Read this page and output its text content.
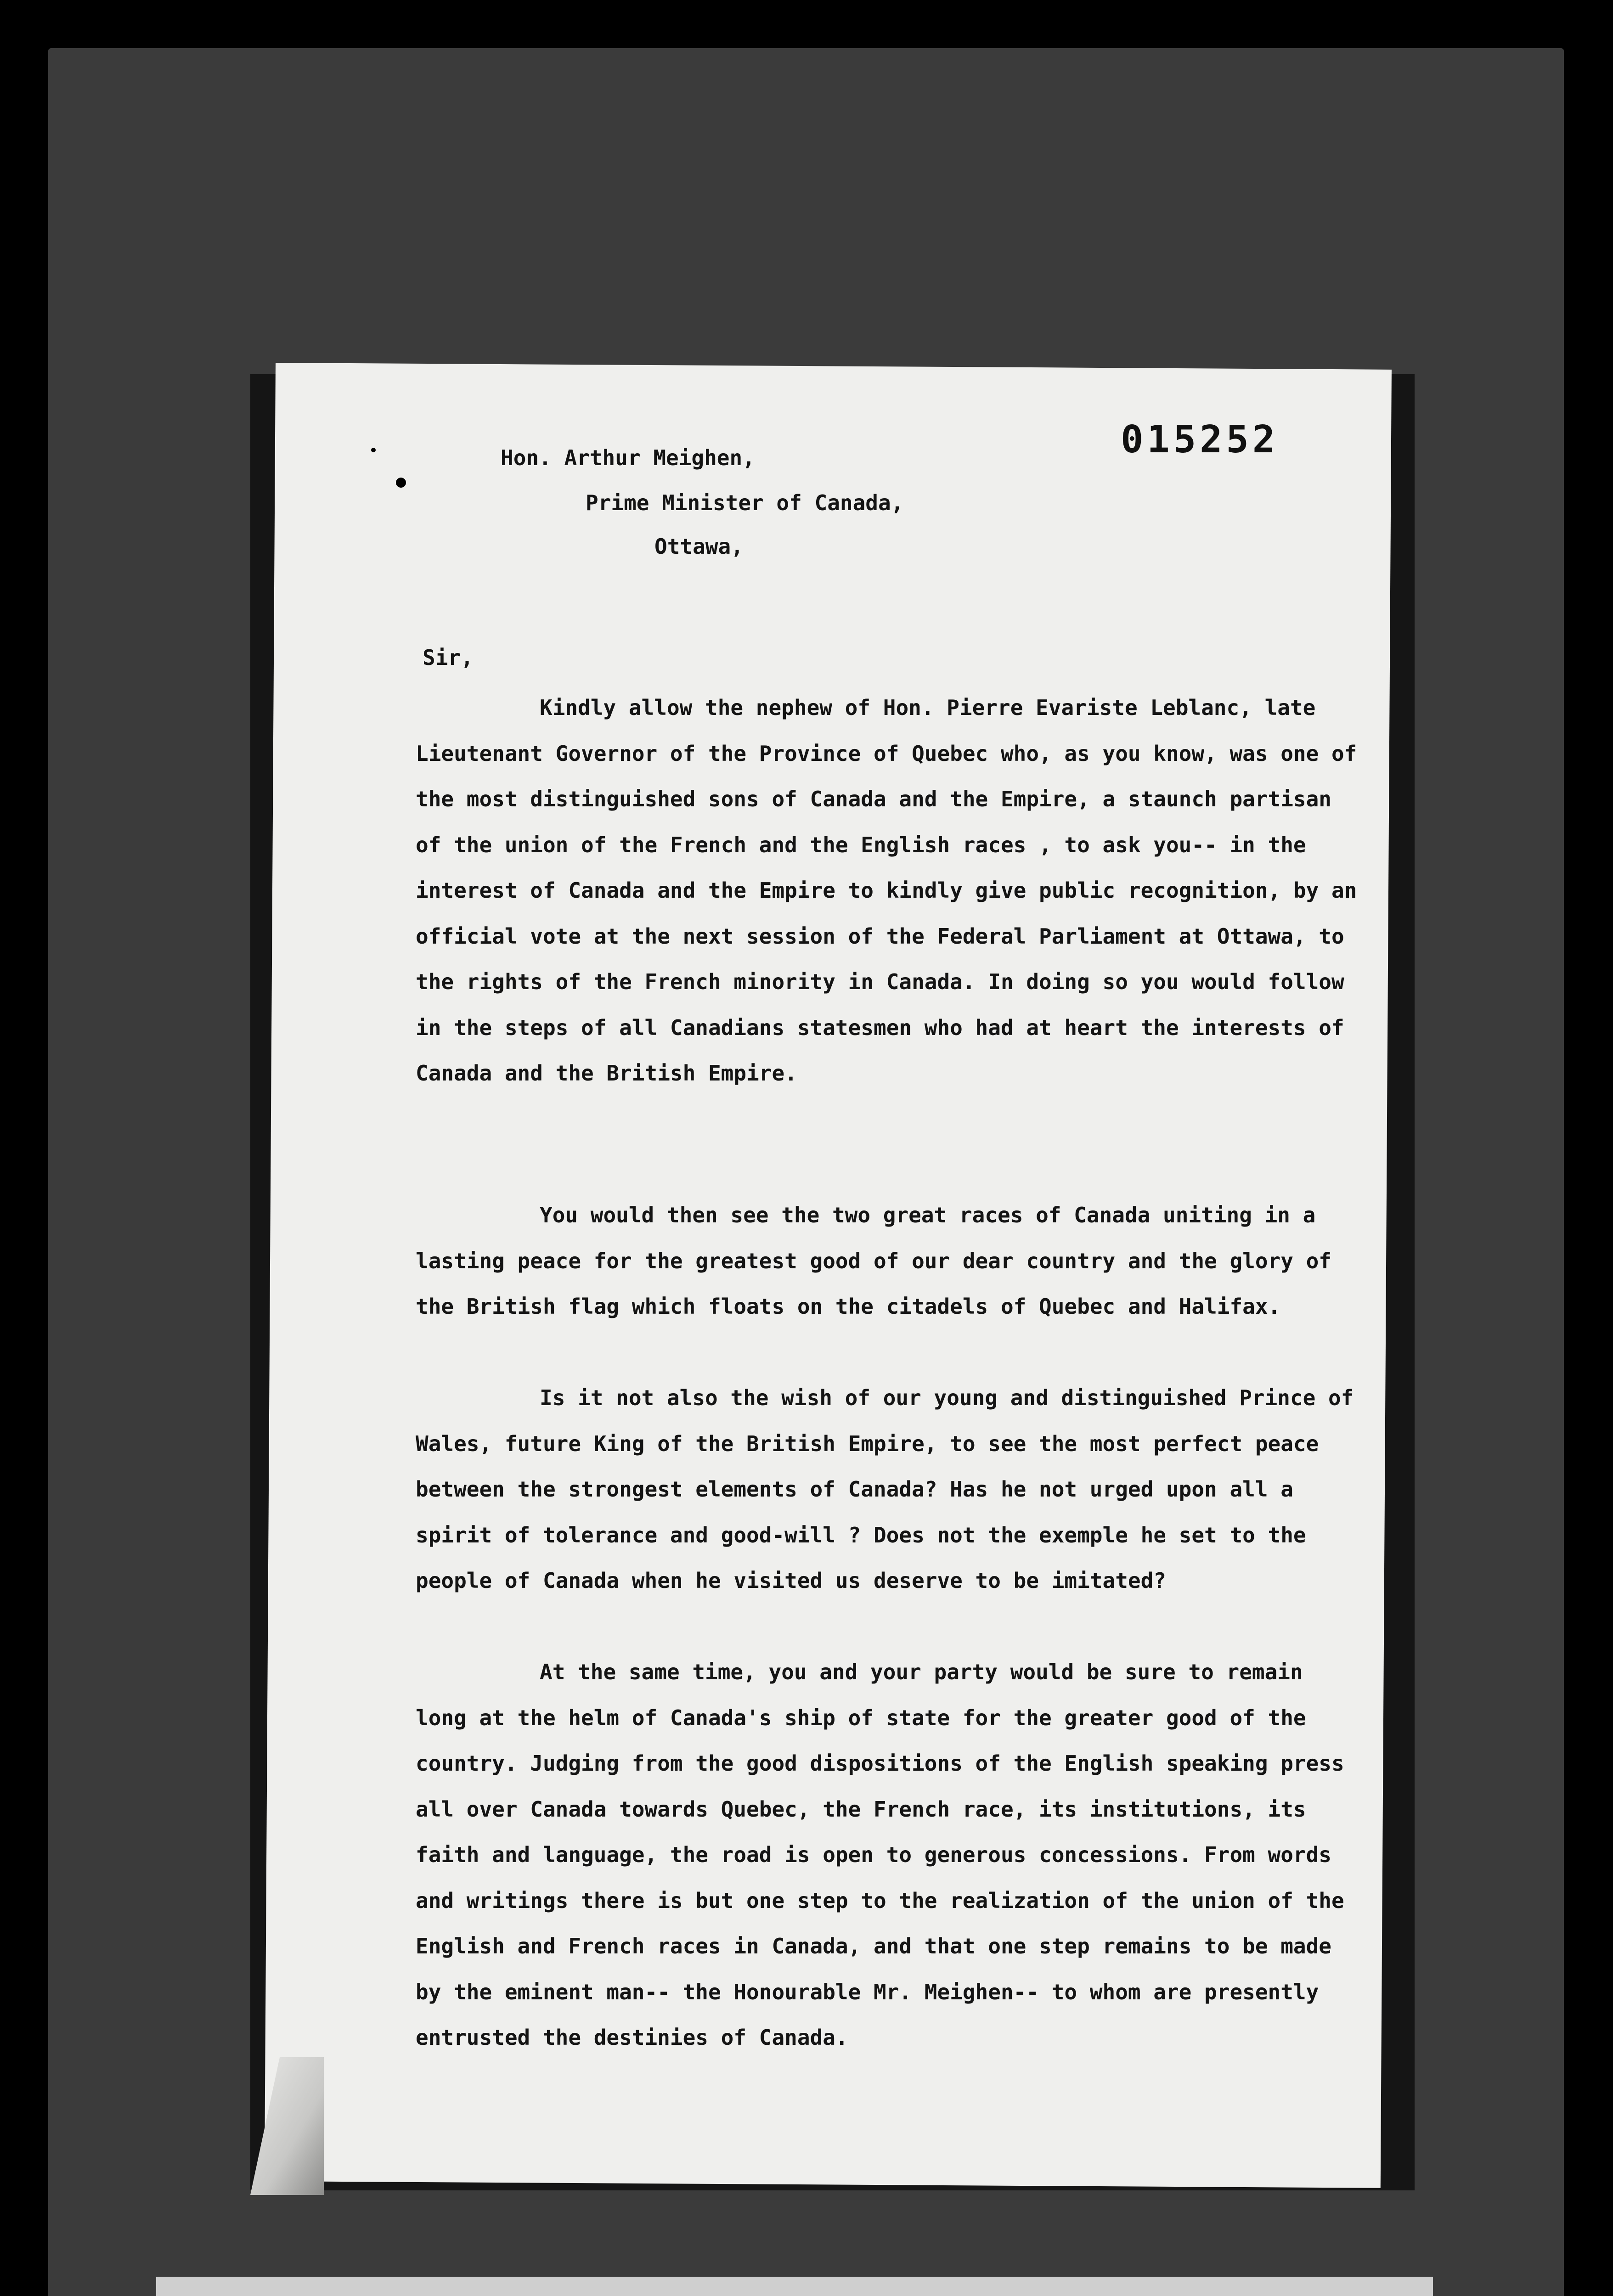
015252
Hon. Arthur Meighen,
Prime Minister of Canada,
Ottawa,
Sir,
Kindly allow the nephew of Hon. Pierre Evariste Leblanc, late Lieutenant Governor of the Province of Quebec who, as you know, was one of the most distinguished sons of Canada and the Empire, a staunch partisan of the union of the French and the English races , to ask you-- in the interest of Canada and the Empire to kindly give public recognition, by an official vote at the next session of the Federal Parliament at Ottawa, to the rights of the French minority in Canada. In doing so you would follow in the steps of all Canadians statesmen who had at heart the interests of Canada and the British Empire.
You would then see the two great races of Canada uniting in a lasting peace for the greatest good of our dear country and the glory of the British flag which floats on the citadels of Quebec and Halifax.
Is it not also the wish of our young and distinguished Prince of Wales, future King of the British Empire, to see the most perfect peace between the strongest elements of Canada? Has he not urged upon all a spirit of tolerance and good-will ? Does not the exemple he set to the people of Canada when he visited us deserve to be imitated?
At the same time, you and your party would be sure to remain long at the helm of Canada's ship of state for the greater good of the country. Judging from the good dispositions of the English speaking press all over Canada towards Quebec, the French race, its institutions, its faith and language, the road is open to generous concessions. From words and writings there is but one step to the realization of the union of the English and French races in Canada, and that one step remains to be made by the eminent man-- the Honourable Mr. Meighen-- to whom are presently entrusted the destinies of Canada.
